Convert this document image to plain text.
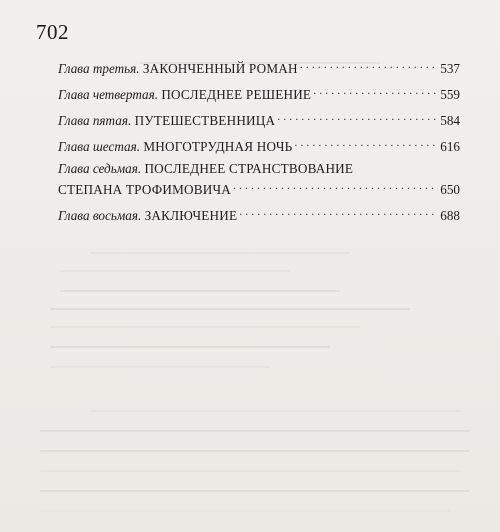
702
Глава третья.
ЗАКОНЧЕННЫЙ РОМАН . . .	537
Глава четвертая.
ПОСЛЕДНЕЕ РЕШЕНИЕ . . .	559
Глава пятая.
ПУТЕШЕСТВЕННИЦА . . .	584
Глава шестая.
МНОГОТРУДНАЯ НОЧЬ . . .	616
Глава седьмая.
ПОСЛЕДНЕЕ СТРАНСТВОВАНИЕ
СТЕПАНА ТРОФИМОВИЧА . . .	650
Глава восьмая.
ЗАКЛЮЧЕНИЕ . . .	688
